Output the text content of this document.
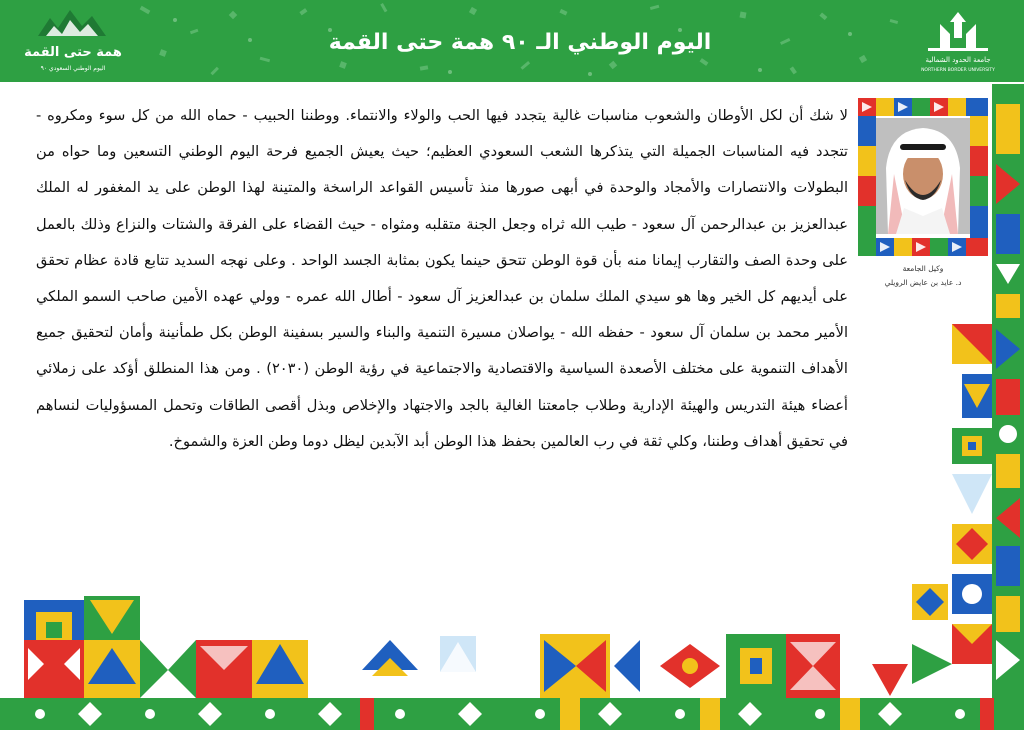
اليوم الوطني الـ ٩٠ همة حتى القمة
همة حتى القمة
اليوم الوطني السعودي ٩٠
جامعة الحدود الشمالية
NORTHERN BORDER UNIVERSITY
لا شك أن لكل الأوطان والشعوب مناسبات غالية يتجدد فيها الحب والولاء والانتماء. ووطننا الحبيب - حماه الله من كل سوء ومكروه - تتجدد فيه المناسبات الجميلة التي يتذكرها الشعب السعودي العظيم؛ حيث يعيش الجميع فرحة اليوم الوطني التسعين وما حواه من البطولات والانتصارات والأمجاد والوحدة في أبهى صورها منذ تأسيس القواعد الراسخة والمتينة لهذا الوطن على يد المغفور له الملك عبدالعزيز بن عبدالرحمن آل سعود - طيب الله ثراه وجعل الجنة متقلبه ومثواه - حيث القضاء على الفرقة والشتات والنزاع وذلك بالعمل على وحدة الصف والتقارب إيمانا منه بأن قوة الوطن تتحق حينما يكون بمثابة الجسد الواحد . وعلى نهجه السديد تتابع قادة عظام تحقق على أيديهم كل الخير وها هو سيدي الملك سلمان بن عبدالعزيز آل سعود - أطال الله عمره - وولي عهده الأمين صاحب السمو الملكي الأمير محمد بن سلمان آل سعود - حفظه الله - يواصلان مسيرة التنمية والبناء والسير بسفينة الوطن بكل طمأنينة وأمان لتحقيق جميع الأهداف التنموية على مختلف الأصعدة السياسية والاقتصادية والاجتماعية في رؤية الوطن (٢٠٣٠) . ومن هذا المنطلق أؤكد على زملائي أعضاء هيئة التدريس والهيئة الإدارية وطلاب جامعتنا الغالية بالجد والاجتهاد والإخلاص وبذل أقصى الطاقات وتحمل المسؤوليات لنساهم في تحقيق أهداف وطننا، وكلي ثقة في رب العالمين بحفظ هذا الوطن أبد الآبدين ليظل دوما وطن العزة والشموخ.
وكيل الجامعة
د. عايد بن عايض الرويلي
